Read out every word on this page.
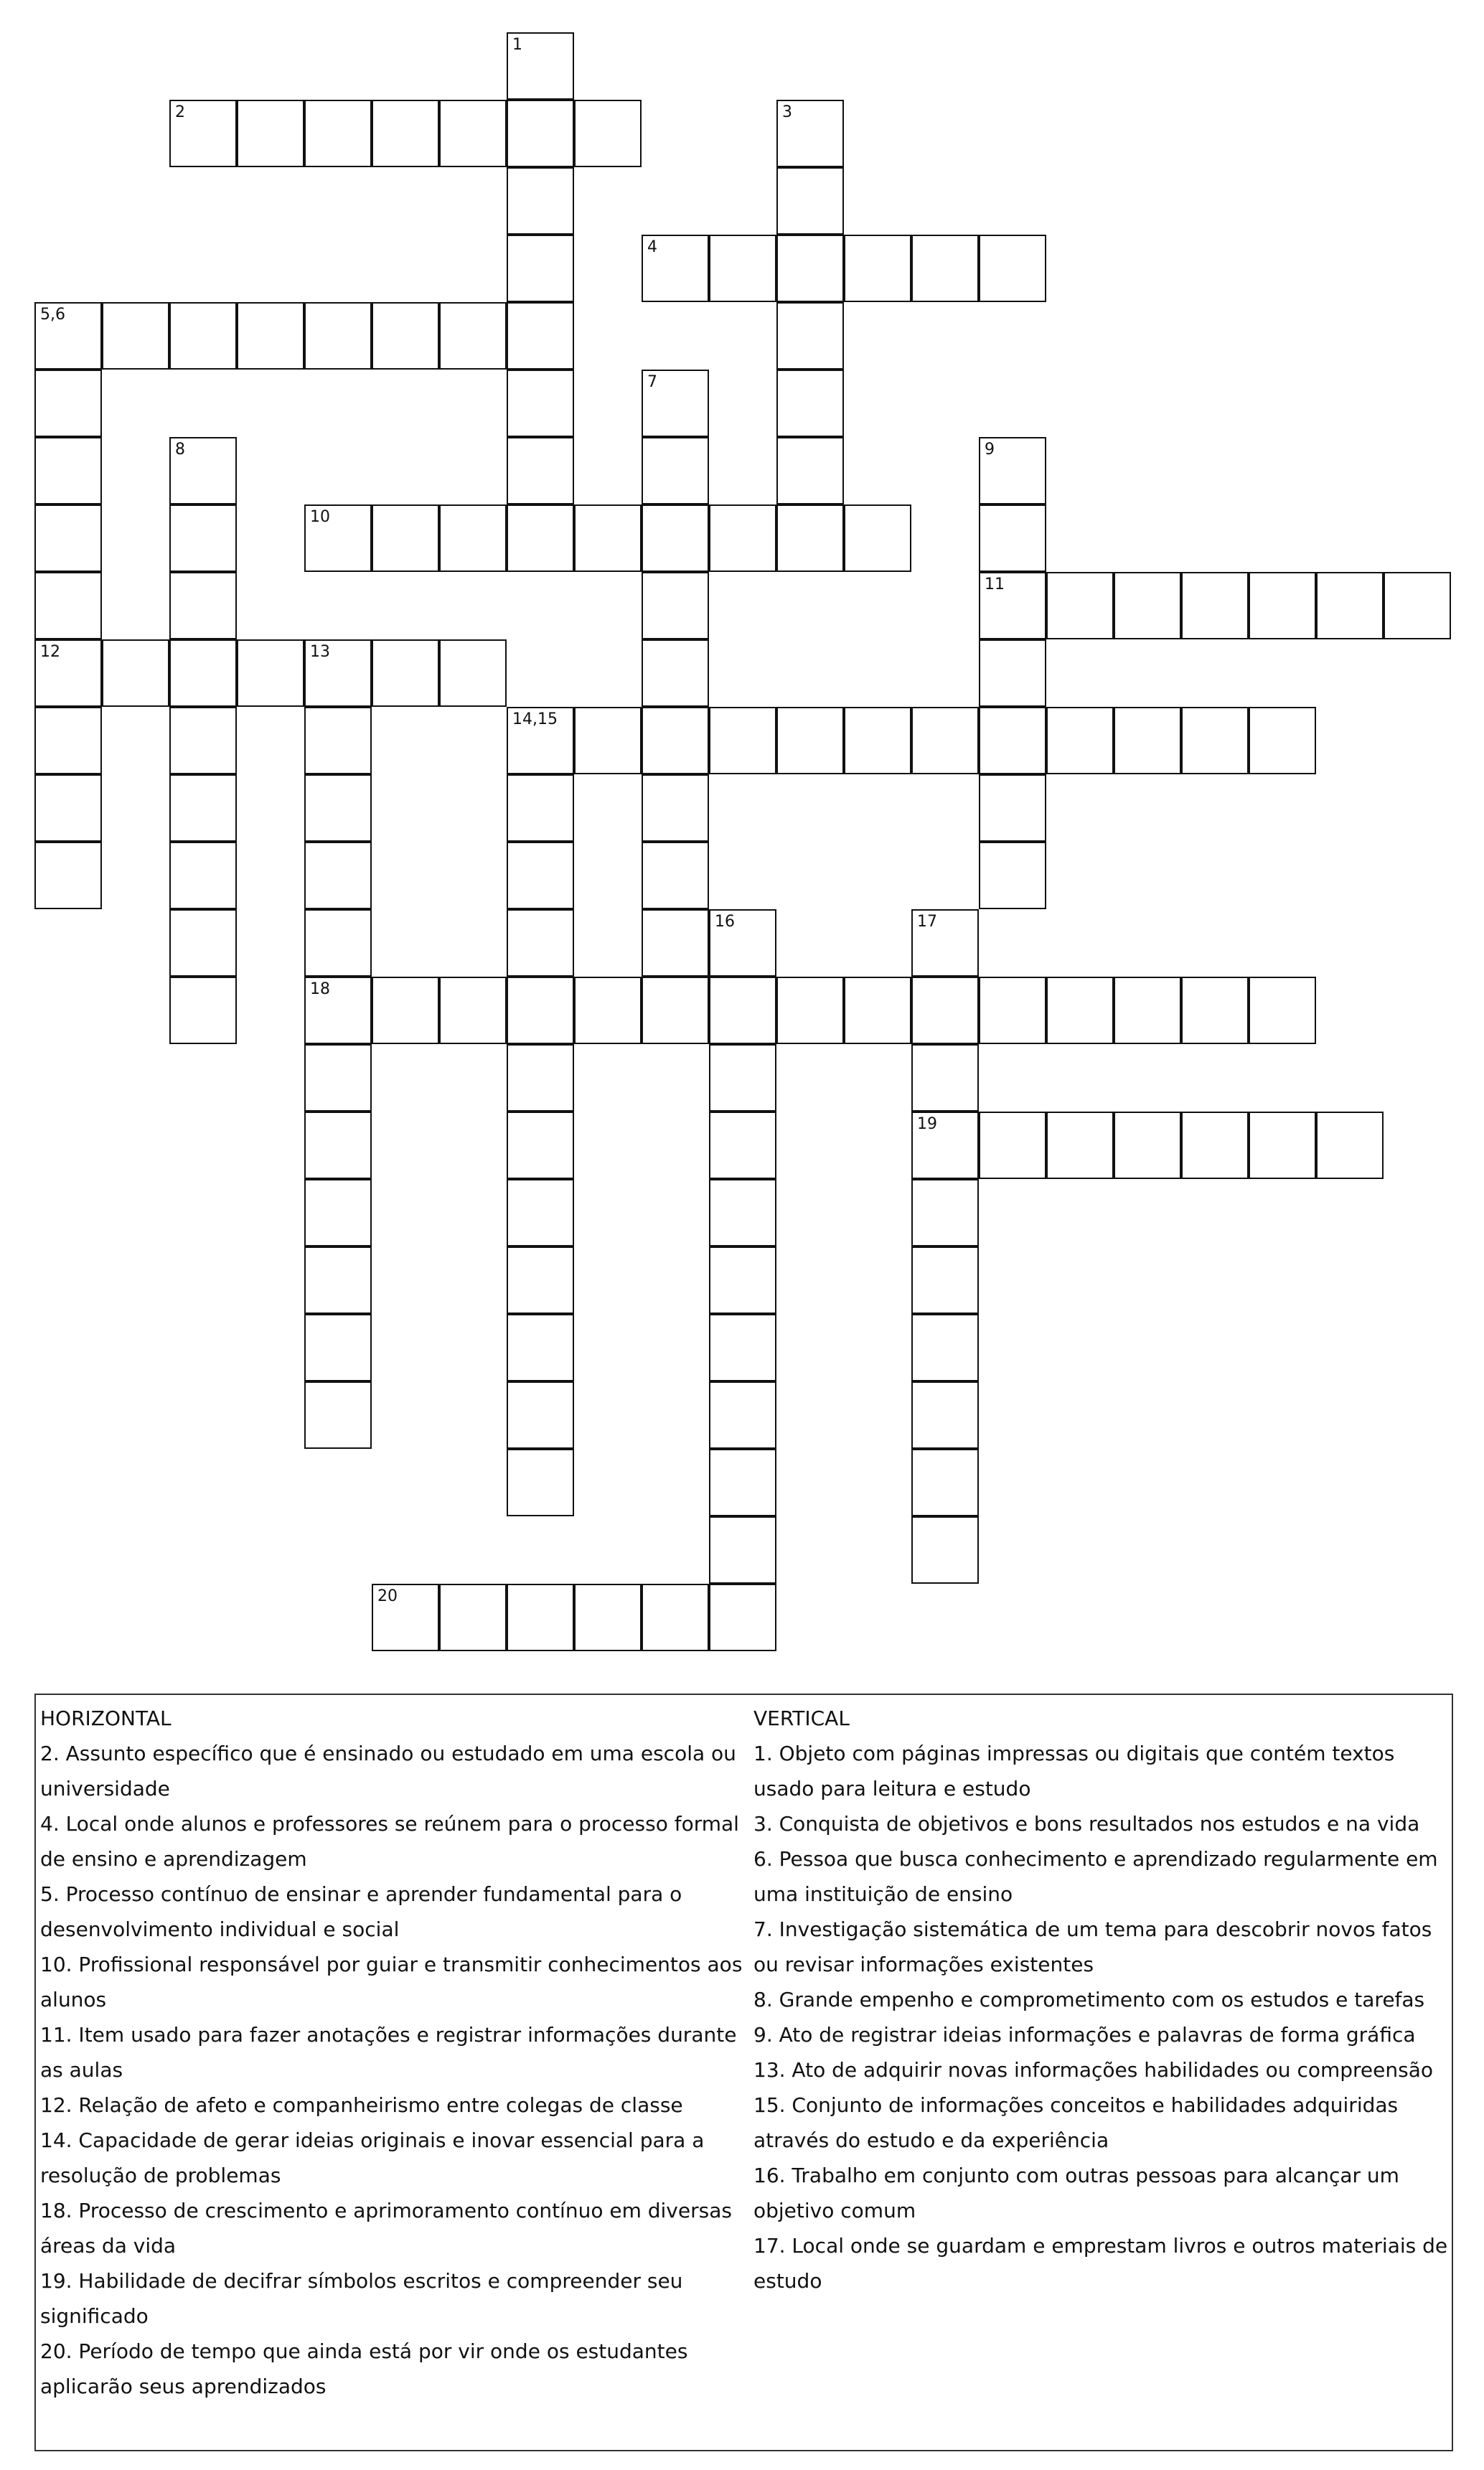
1
2	3
4
5,6
12
7
8	9
11
10
13
18
14,15
16	17
19
20

HORIZONTAL

2. Assunto específico que é ensinado ou estudado em uma escola ou universidade

4. Local onde alunos e professores se reúnem para o processo formal de ensino e aprendizagem

5. Processo contínuo de ensinar e aprender fundamental para o desenvolvimento individual e social

10. Profissional responsável por guiar e transmitir conhecimentos aos alunos

11. Item usado para fazer anotações e registrar informações durante as aulas

12. Relação de afeto e companheirismo entre colegas de classe

14. Capacidade de gerar ideias originais e inovar essencial para a resolução de problemas

18. Processo de crescimento e aprimoramento contínuo em diversas áreas da vida

19. Habilidade de decifrar símbolos escritos e compreender seu significado

20. Período de tempo que ainda está por vir onde os estudantes aplicarão seus aprendizados

VERTICAL

1. Objeto com páginas impressas ou digitais que contém textos usado para leitura e estudo

3. Conquista de objetivos e bons resultados nos estudos e na vida

6. Pessoa que busca conhecimento e aprendizado regularmente em uma instituição de ensino

7. Investigação sistemática de um tema para descobrir novos fatos ou revisar informações existentes

8. Grande empenho e comprometimento com os estudos e tarefas

9. Ato de registrar ideias informações e palavras de forma gráfica

13. Ato de adquirir novas informações habilidades ou compreensão

15. Conjunto de informações conceitos e habilidades adquiridas através do estudo e da experiência

16. Trabalho em conjunto com outras pessoas para alcançar um objetivo comum

17. Local onde se guardam e emprestam livros e outros materiais de estudo
